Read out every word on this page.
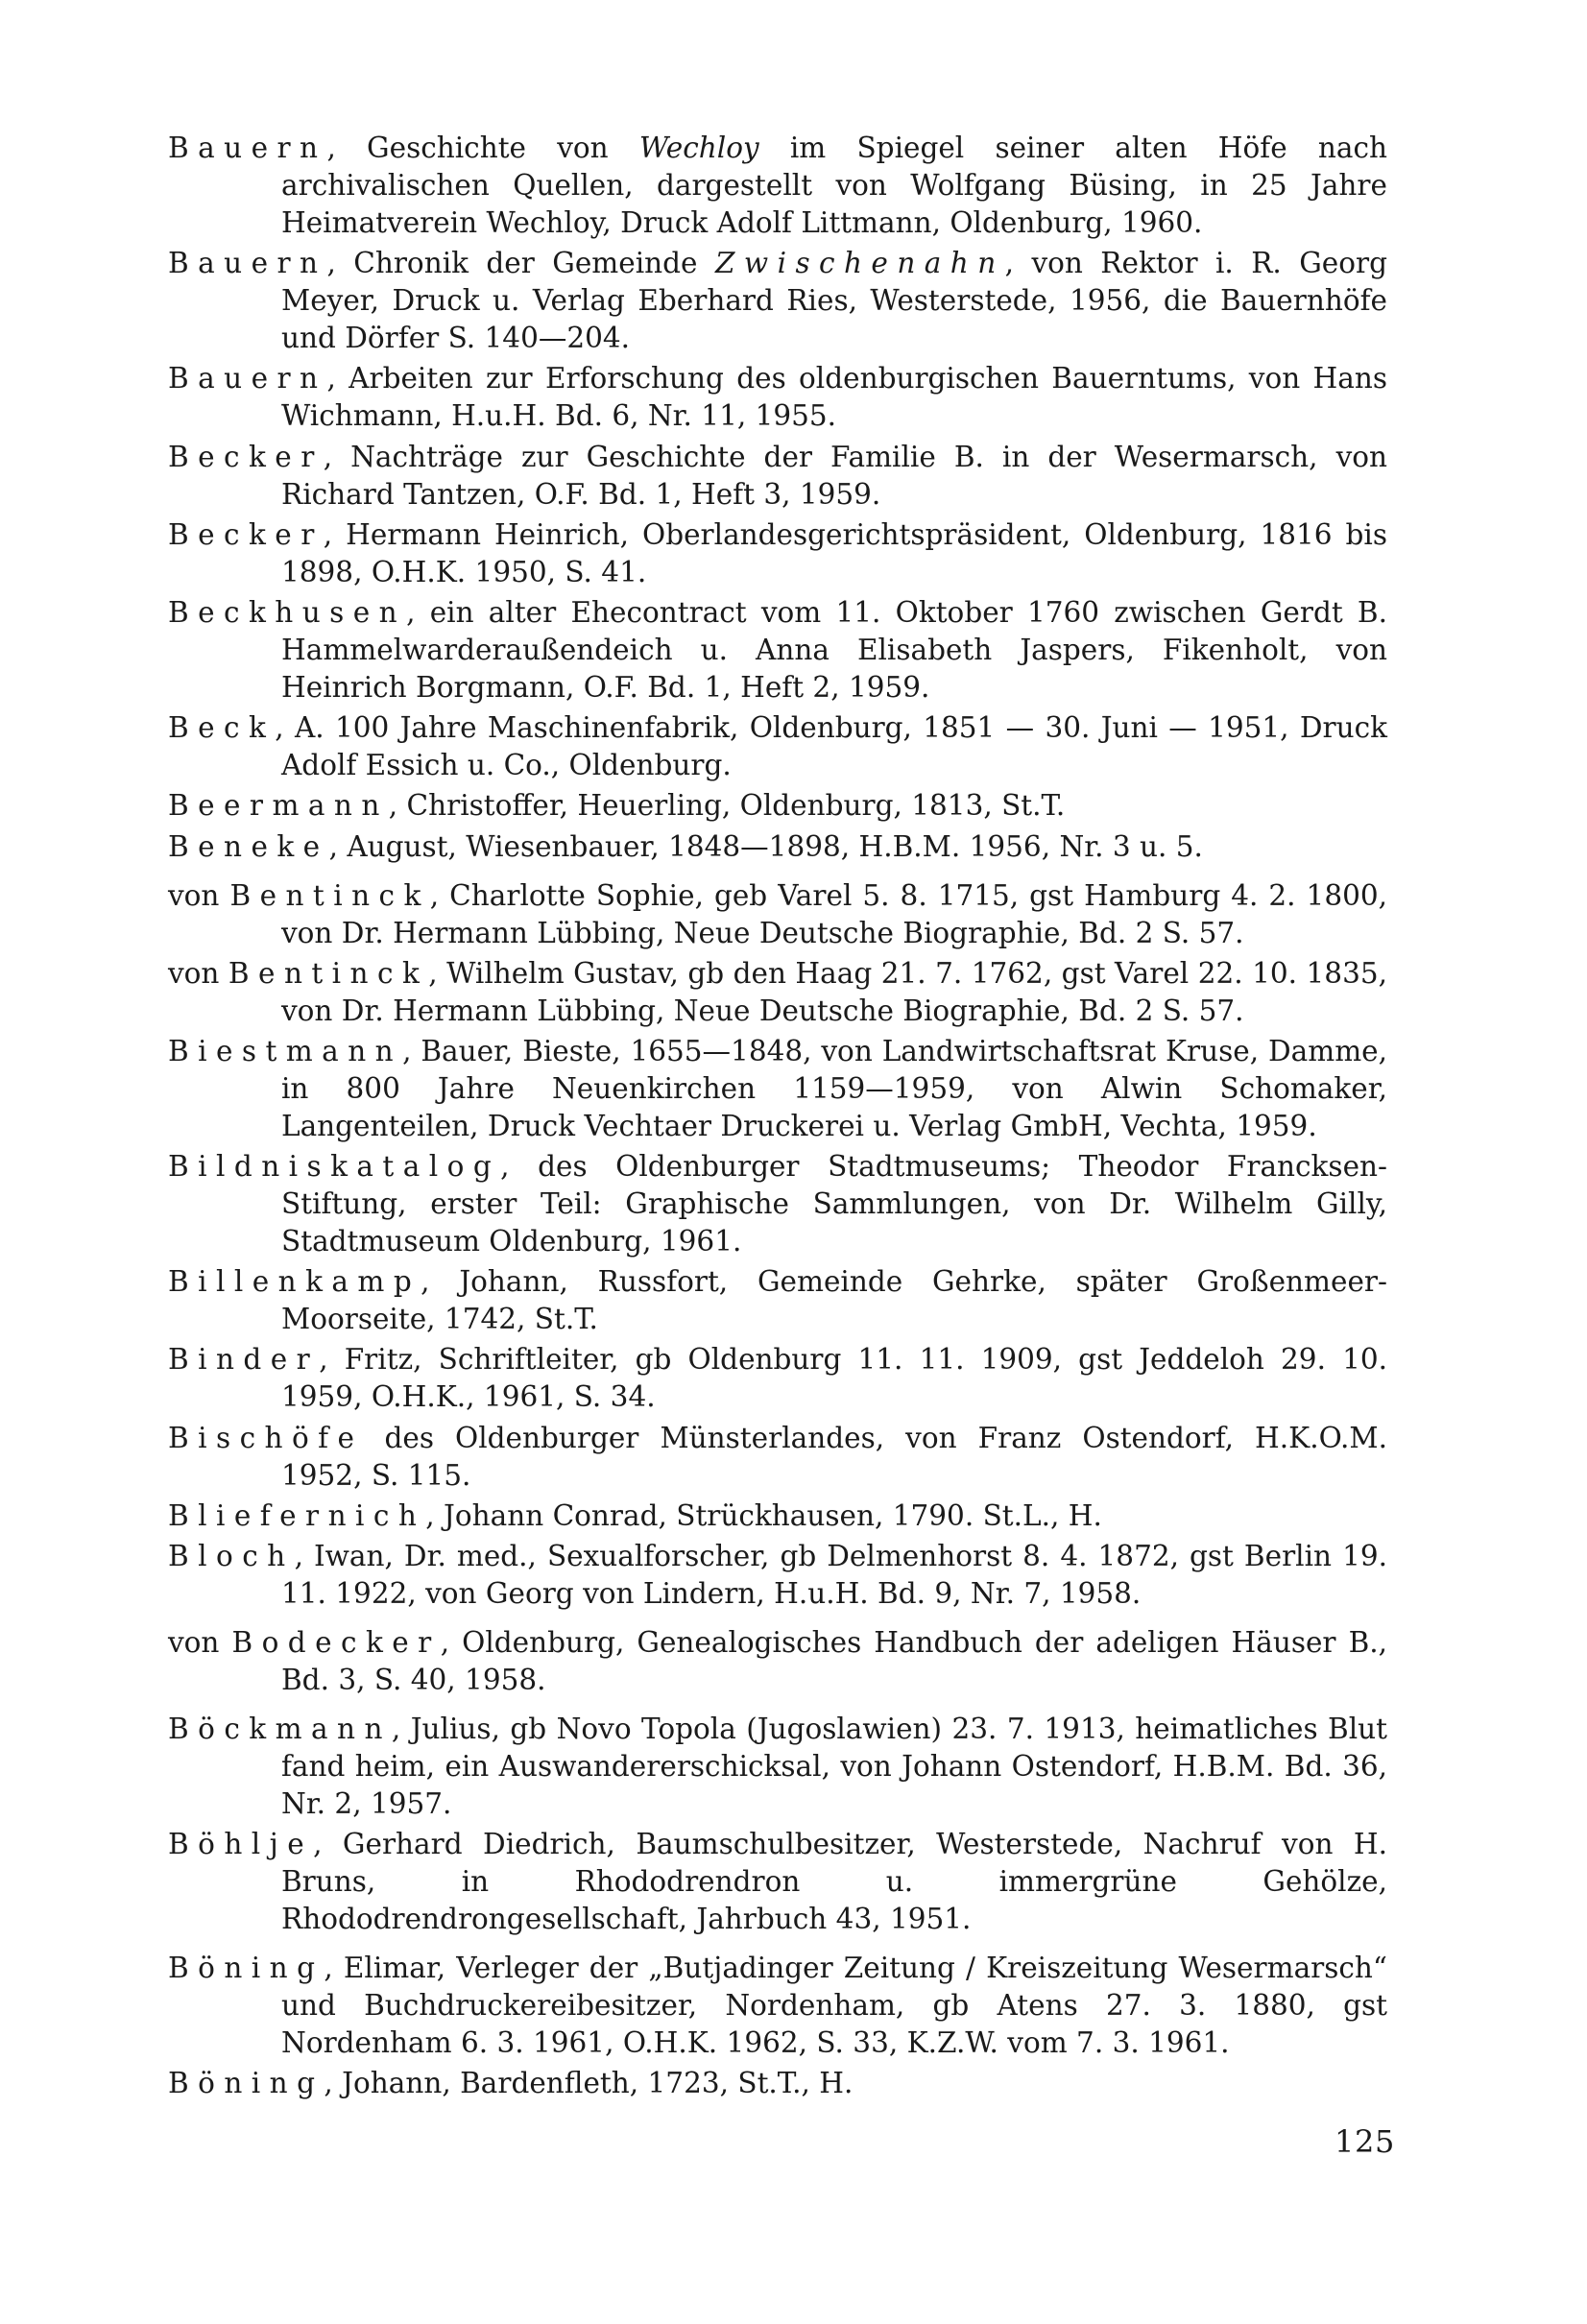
Bauern, Geschichte von Wechloy im Spiegel seiner alten Höfe nach archivalischen Quellen, dargestellt von Wolfgang Büsing, in 25 Jahre Heimatverein Wechloy, Druck Adolf Littmann, Oldenburg, 1960.

Bauern, Chronik der Gemeinde Zwischenahn, von Rektor i. R. Georg Meyer, Druck u. Verlag Eberhard Ries, Westerstede, 1956, die Bauernhöfe und Dörfer S. 140—204.

Bauern, Arbeiten zur Erforschung des oldenburgischen Bauerntums, von Hans Wichmann, H.u.H. Bd. 6, Nr. 11, 1955.

Becker, Nachträge zur Geschichte der Familie B. in der Wesermarsch, von Richard Tantzen, O.F. Bd. 1, Heft 3, 1959.

Becker, Hermann Heinrich, Oberlandesgerichtspräsident, Oldenburg, 1816 bis 1898, O.H.K. 1950, S. 41.

Beckhusen, ein alter Ehecontract vom 11. Oktober 1760 zwischen Gerdt B. Hammelwarderaußendeich u. Anna Elisabeth Jaspers, Fikenholt, von Heinrich Borgmann, O.F. Bd. 1, Heft 2, 1959.

Beck, A. 100 Jahre Maschinenfabrik, Oldenburg, 1851 — 30. Juni — 1951, Druck Adolf Essich u. Co., Oldenburg.

Beermann, Christoffer, Heuerling, Oldenburg, 1813, St.T.

Beneke, August, Wiesenbauer, 1848—1898, H.B.M. 1956, Nr. 3 u. 5.

von Bentinck, Charlotte Sophie, geb Varel 5. 8. 1715, gst Hamburg 4. 2. 1800, von Dr. Hermann Lübbing, Neue Deutsche Biographie, Bd. 2 S. 57.

von Bentinck, Wilhelm Gustav, gb den Haag 21. 7. 1762, gst Varel 22. 10. 1835, von Dr. Hermann Lübbing, Neue Deutsche Biographie, Bd. 2 S. 57.

Biestmann, Bauer, Bieste, 1655—1848, von Landwirtschaftsrat Kruse, Damme, in 800 Jahre Neuenkirchen 1159—1959, von Alwin Schomaker, Langenteilen, Druck Vechtaer Druckerei u. Verlag GmbH, Vechta, 1959.

Bildniskatalog, des Oldenburger Stadtmuseums; Theodor Francksen-Stiftung, erster Teil: Graphische Sammlungen, von Dr. Wilhelm Gilly, Stadtmuseum Oldenburg, 1961.

Billenkamp, Johann, Russfort, Gemeinde Gehrke, später Großenmeer-Moorseite, 1742, St.T.

Binder, Fritz, Schriftleiter, gb Oldenburg 11. 11. 1909, gst Jeddeloh 29. 10. 1959, O.H.K., 1961, S. 34.

Bischöfe des Oldenburger Münsterlandes, von Franz Ostendorf, H.K.O.M. 1952, S. 115.

Bliefernich, Johann Conrad, Strückhausen, 1790. St.L., H.

Bloch, Iwan, Dr. med., Sexualforscher, gb Delmenhorst 8. 4. 1872, gst Berlin 19. 11. 1922, von Georg von Lindern, H.u.H. Bd. 9, Nr. 7, 1958.

von Bodecker, Oldenburg, Genealogisches Handbuch der adeligen Häuser B., Bd. 3, S. 40, 1958.

Böckmann, Julius, gb Novo Topola (Jugoslawien) 23. 7. 1913, heimatliches Blut fand heim, ein Auswandererschicksal, von Johann Ostendorf, H.B.M. Bd. 36, Nr. 2, 1957.

Böhlje, Gerhard Diedrich, Baumschulbesitzer, Westerstede, Nachruf von H. Bruns, in Rhododrendron u. immergrüne Gehölze, Rhododrendrongesellschaft, Jahrbuch 43, 1951.

Böning, Elimar, Verleger der „Butjadinger Zeitung / Kreiszeitung Wesermarsch“ und Buchdruckereibesitzer, Nordenham, gb Atens 27. 3. 1880, gst Nordenham 6. 3. 1961, O.H.K. 1962, S. 33, K.Z.W. vom 7. 3. 1961.

Böning, Johann, Bardenfleth, 1723, St.T., H.

125
